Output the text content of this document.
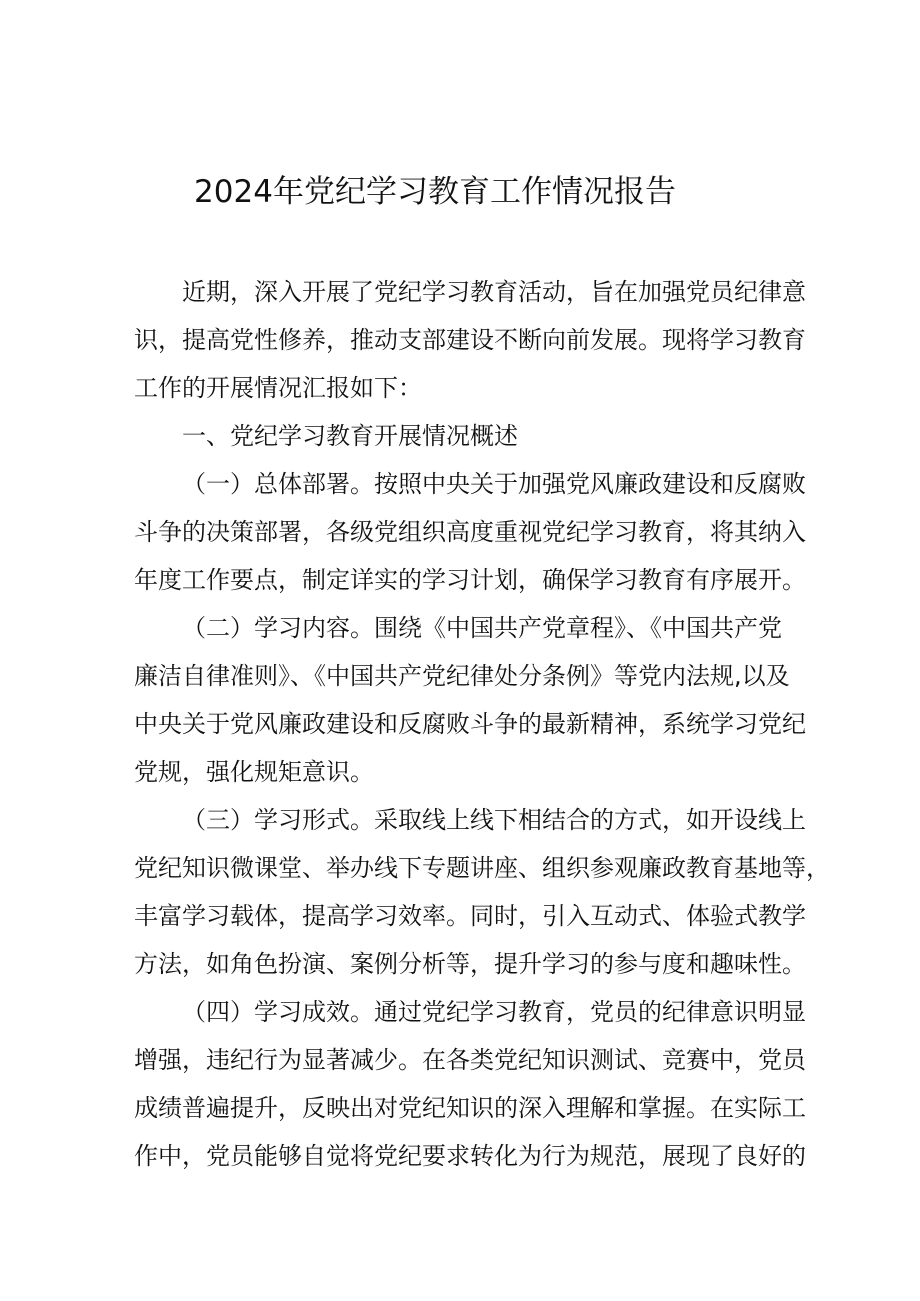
2024年党纪学习教育工作情况报告
近期，深入开展了党纪学习教育活动，旨在加强党员纪律意
识，提高党性修养，推动支部建设不断向前发展。现将学习教育
工作的开展情况汇报如下：
一、党纪学习教育开展情况概述
（一）总体部署。按照中央关于加强党风廉政建设和反腐败
斗争的决策部署，各级党组织高度重视党纪学习教育，将其纳入
年度工作要点，制定详实的学习计划，确保学习教育有序展开。
（二）学习内容。围绕《中国共产党章程》、《中国共产党
廉洁自律准则》、《中国共产党纪律处分条例》等党内法规,以及
中央关于党风廉政建设和反腐败斗争的最新精神，系统学习党纪
党规，强化规矩意识。
（三）学习形式。采取线上线下相结合的方式，如开设线上
党纪知识微课堂、举办线下专题讲座、组织参观廉政教育基地等，
丰富学习载体，提高学习效率。同时，引入互动式、体验式教学
方法，如角色扮演、案例分析等，提升学习的参与度和趣味性。
（四）学习成效。通过党纪学习教育，党员的纪律意识明显
增强，违纪行为显著减少。在各类党纪知识测试、竞赛中，党员
成绩普遍提升，反映出对党纪知识的深入理解和掌握。在实际工
作中，党员能够自觉将党纪要求转化为行为规范，展现了良好的
